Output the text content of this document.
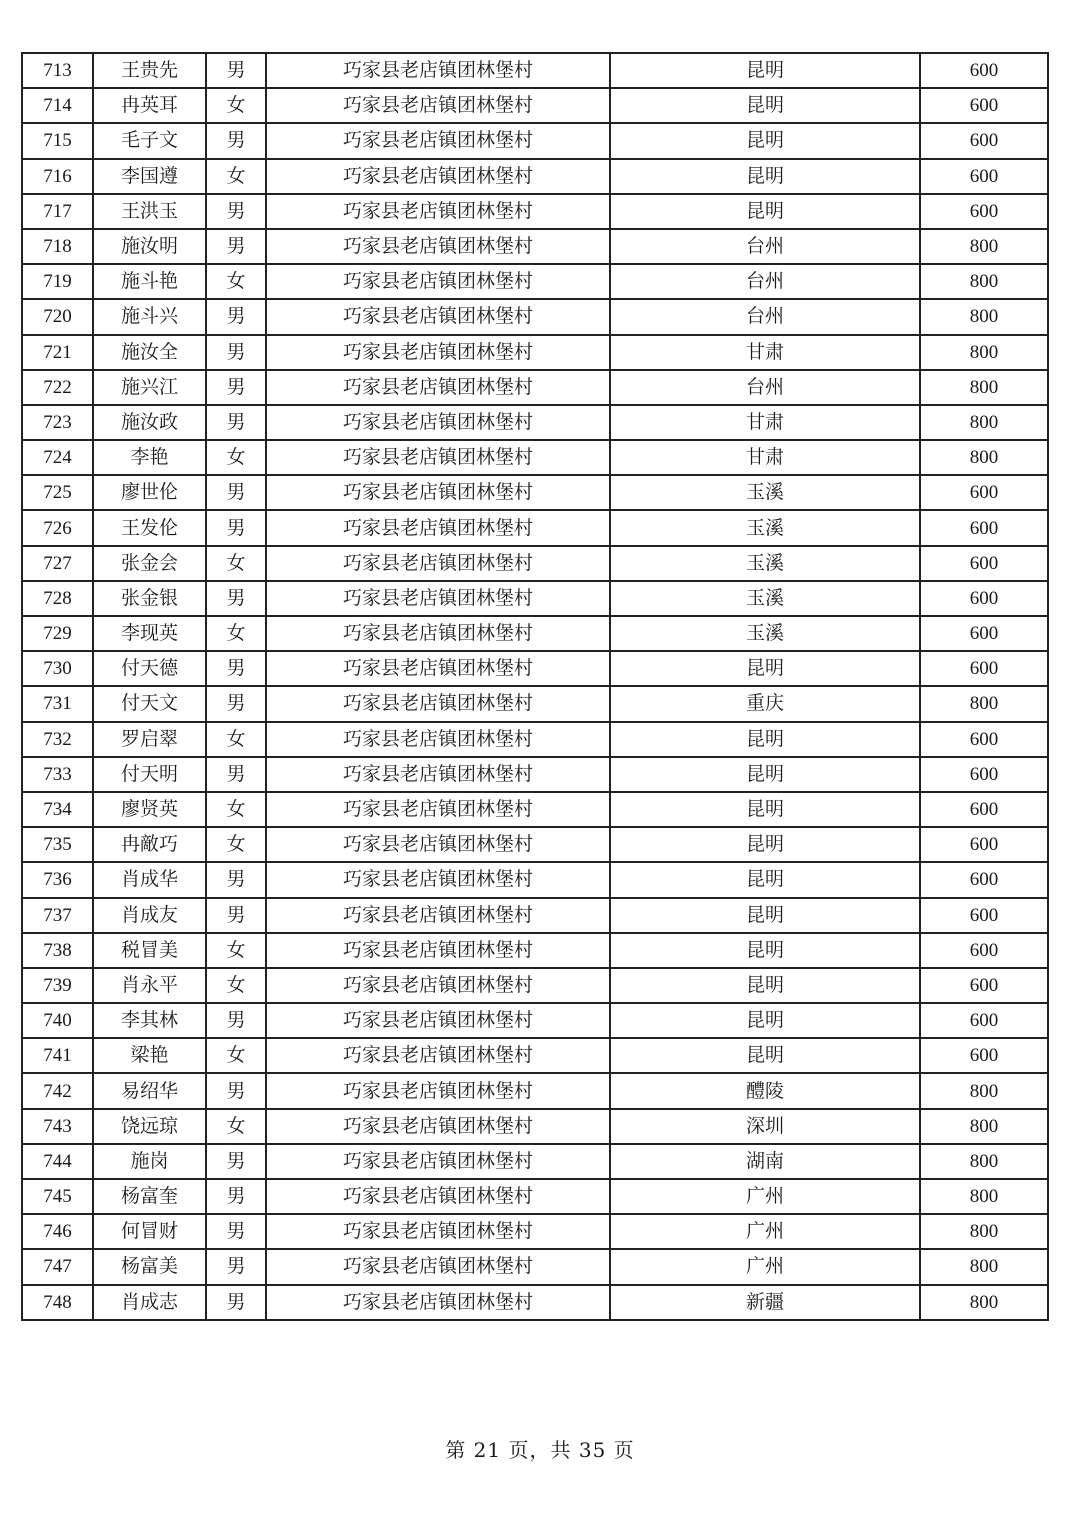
713	王贵先	男	巧家县老店镇团林堡村	昆明	600
714	冉英耳	女	巧家县老店镇团林堡村	昆明	600
715	毛子文	男	巧家县老店镇团林堡村	昆明	600
716	李国遵	女	巧家县老店镇团林堡村	昆明	600
717	王洪玉	男	巧家县老店镇团林堡村	昆明	600
718	施汝明	男	巧家县老店镇团林堡村	台州	800
719	施斗艳	女	巧家县老店镇团林堡村	台州	800
720	施斗兴	男	巧家县老店镇团林堡村	台州	800
721	施汝全	男	巧家县老店镇团林堡村	甘肃	800
722	施兴江	男	巧家县老店镇团林堡村	台州	800
723	施汝政	男	巧家县老店镇团林堡村	甘肃	800
724	李艳	女	巧家县老店镇团林堡村	甘肃	800
725	廖世伦	男	巧家县老店镇团林堡村	玉溪	600
726	王发伦	男	巧家县老店镇团林堡村	玉溪	600
727	张金会	女	巧家县老店镇团林堡村	玉溪	600
728	张金银	男	巧家县老店镇团林堡村	玉溪	600
729	李现英	女	巧家县老店镇团林堡村	玉溪	600
730	付天德	男	巧家县老店镇团林堡村	昆明	600
731	付天文	男	巧家县老店镇团林堡村	重庆	800
732	罗启翠	女	巧家县老店镇团林堡村	昆明	600
733	付天明	男	巧家县老店镇团林堡村	昆明	600
734	廖贤英	女	巧家县老店镇团林堡村	昆明	600
735	冉敵巧	女	巧家县老店镇团林堡村	昆明	600
736	肖成华	男	巧家县老店镇团林堡村	昆明	600
737	肖成友	男	巧家县老店镇团林堡村	昆明	600
738	税冒美	女	巧家县老店镇团林堡村	昆明	600
739	肖永平	女	巧家县老店镇团林堡村	昆明	600
740	李其林	男	巧家县老店镇团林堡村	昆明	600
741	梁艳	女	巧家县老店镇团林堡村	昆明	600
742	易绍华	男	巧家县老店镇团林堡村	醴陵	800
743	饶远琼	女	巧家县老店镇团林堡村	深圳	800
744	施岗	男	巧家县老店镇团林堡村	湖南	800
745	杨富奎	男	巧家县老店镇团林堡村	广州	800
746	何冒财	男	巧家县老店镇团林堡村	广州	800
747	杨富美	男	巧家县老店镇团林堡村	广州	800
748	肖成志	男	巧家县老店镇团林堡村	新疆	800
第 21 页，共 35 页
